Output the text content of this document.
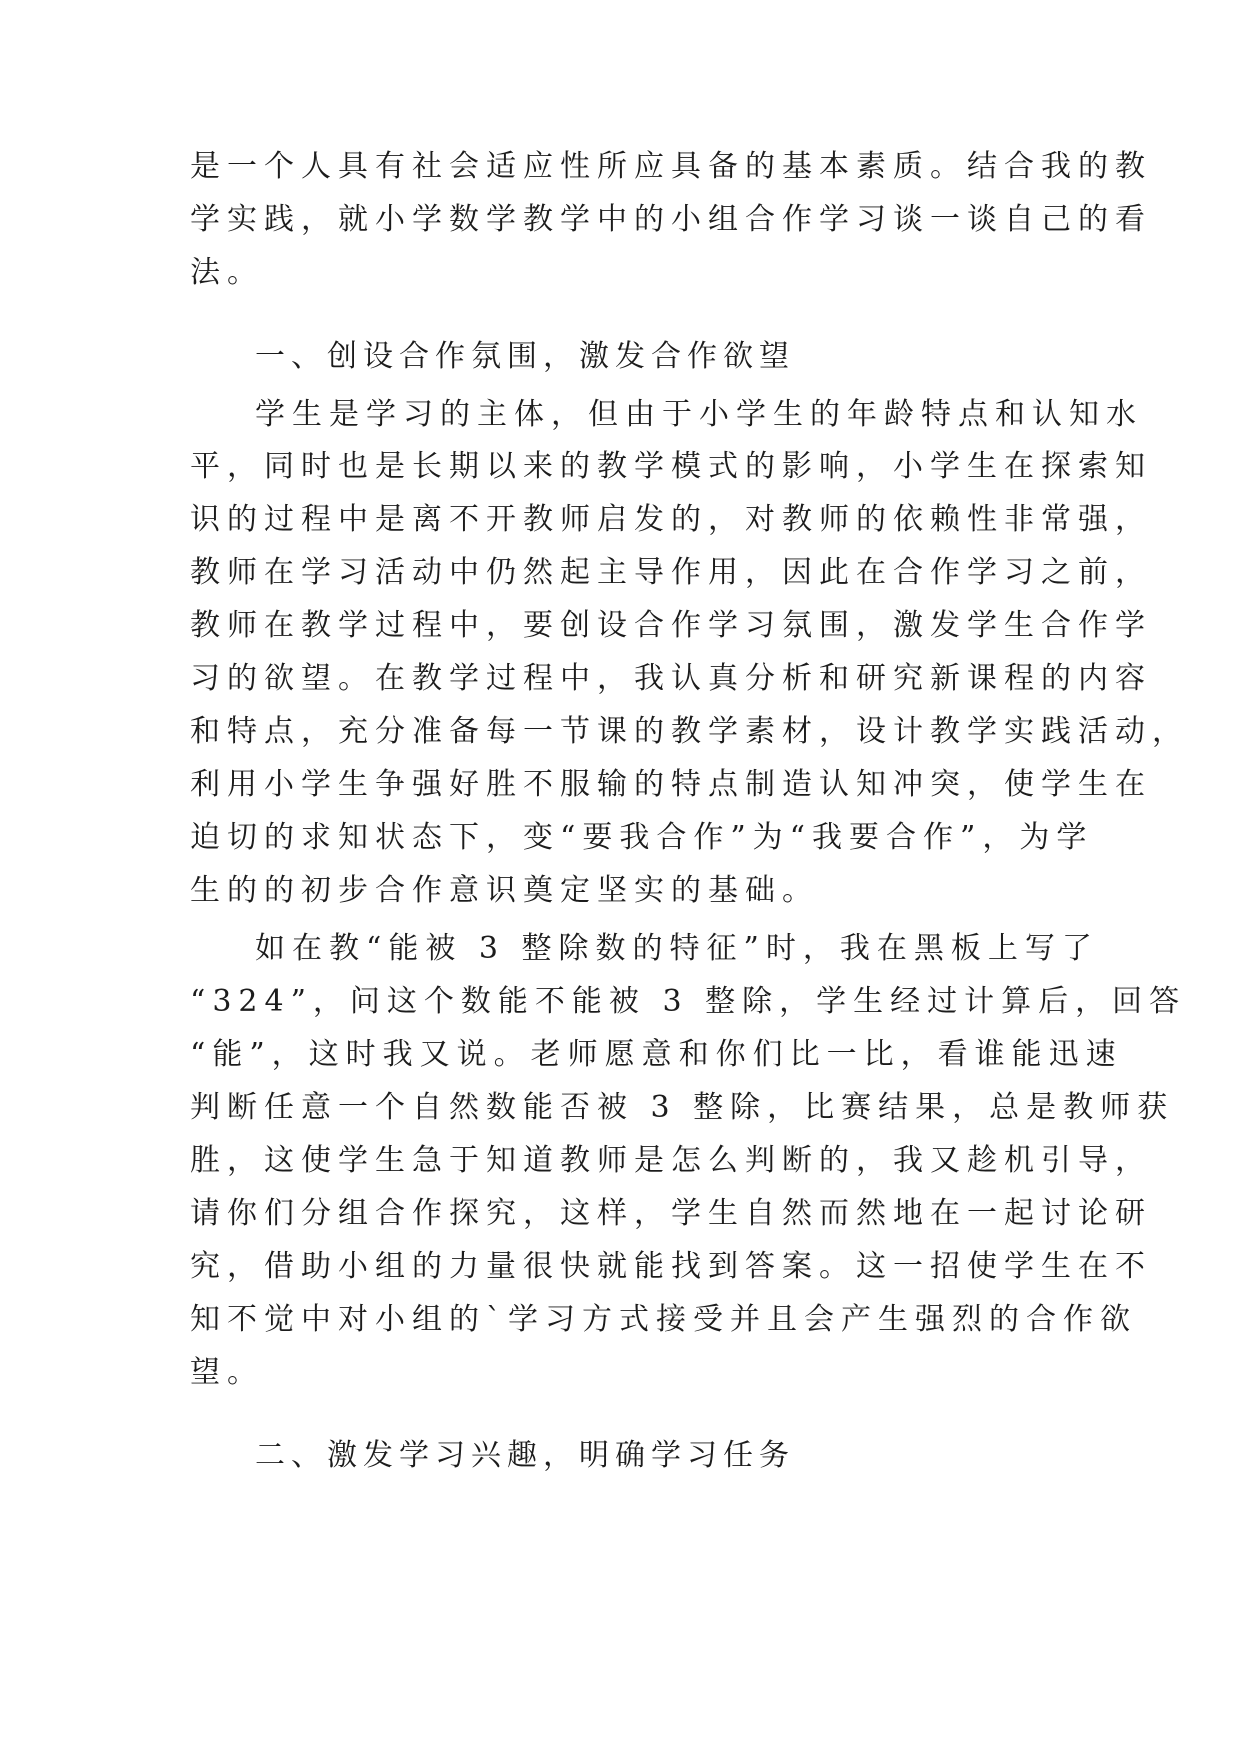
是一个人具有社会适应性所应具备的基本素质。结合我的教
学实践，就小学数学教学中的小组合作学习谈一谈自己的看
法。
一、创设合作氛围，激发合作欲望
学生是学习的主体，但由于小学生的年龄特点和认知水
平，同时也是长期以来的教学模式的影响，小学生在探索知
识的过程中是离不开教师启发的，对教师的依赖性非常强，
教师在学习活动中仍然起主导作用，因此在合作学习之前，
教师在教学过程中，要创设合作学习氛围，激发学生合作学
习的欲望。在教学过程中，我认真分析和研究新课程的内容
和特点，充分准备每一节课的教学素材，设计教学实践活动，
利用小学生争强好胜不服输的特点制造认知冲突，使学生在
迫切的求知状态下，变“要我合作”为“我要合作”，为学
生的的初步合作意识奠定坚实的基础。
如在教“能被 3 整除数的特征”时，我在黑板上写了
“324”，问这个数能不能被 3 整除，学生经过计算后，回答
“能”，这时我又说。老师愿意和你们比一比，看谁能迅速
判断任意一个自然数能否被 3 整除，比赛结果，总是教师获
胜，这使学生急于知道教师是怎么判断的，我又趁机引导，
请你们分组合作探究，这样，学生自然而然地在一起讨论研
究，借助小组的力量很快就能找到答案。这一招使学生在不
知不觉中对小组的`学习方式接受并且会产生强烈的合作欲
望。
二、激发学习兴趣，明确学习任务
